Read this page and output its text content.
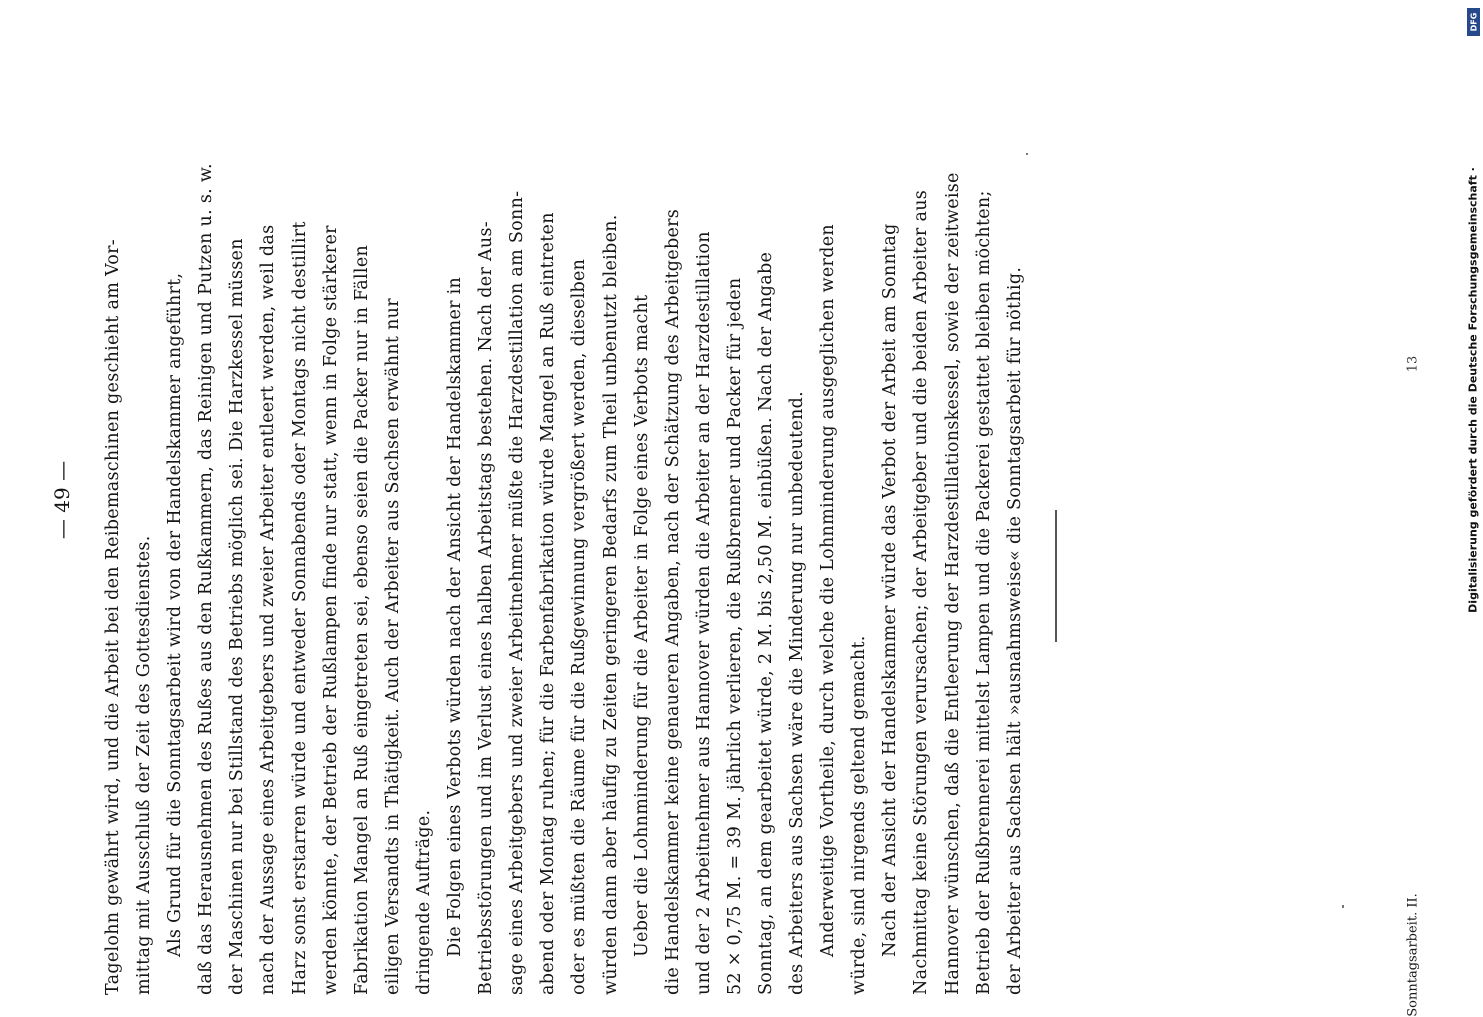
— 49 — Tagelohn gewährt wird, und die Arbeit bei den Reibemaschinen geschieht am Vor- mittag mit Ausschluß der Zeit des Gottesdienstes. Als Grund für die Sonntagsarbeit wird von der Handelskammer angeführt, daß das Herausnehmen des Rußes aus den Rußkammern, das Reinigen und Putzen u. s. w. der Maschinen nur bei Stillstand des Betriebs möglich sei. Die Harzkessel müssen nach der Aussage eines Arbeitgebers und zweier Arbeiter entleert werden, weil das Harz sonst erstarren würde und entweder Sonnabends oder Montags nicht destillirt werden könnte, der Betrieb der Rußlampen finde nur statt, wenn in Folge stärkerer Fabrikation Mangel an Ruß eingetreten sei, ebenso seien die Packer nur in Fällen eiligen Versandts in Thätigkeit. Auch der Arbeiter aus Sachsen erwähnt nur dringende Aufträge. Die Folgen eines Verbots würden nach der Ansicht der Handelskammer in Betriebsstörungen und im Verlust eines halben Arbeitstags bestehen. Nach der Aus- sage eines Arbeitgebers und zweier Arbeitnehmer müßte die Harzdestillation am Sonn- abend oder Montag ruhen; für die Farbenfabrikation würde Mangel an Ruß eintreten oder es müßten die Räume für die Rußgewinnung vergrößert werden, dieselben würden dann aber häufig zu Zeiten geringeren Bedarfs zum Theil unbenutzt bleiben. Ueber die Lohnminderung für die Arbeiter in Folge eines Verbots macht die Handelskammer keine genaueren Angaben, nach der Schätzung des Arbeitgebers und der 2 Arbeitnehmer aus Hannover würden die Arbeiter an der Harzdestillation 52 × 0,75 M. = 39 M. jährlich verlieren, die Rußbrenner und Packer für jeden Sonntag, an dem gearbeitet würde, 2 M. bis 2,50 M. einbüßen. Nach der Angabe des Arbeiters aus Sachsen wäre die Minderung nur unbedeutend. Anderweitige Vortheile, durch welche die Lohnminderung ausgeglichen werden würde, sind nirgends geltend gemacht. Nach der Ansicht der Handelskammer würde das Verbot der Arbeit am Sonntag Nachmittag keine Störungen verursachen; der Arbeitgeber und die beiden Arbeiter aus Hannover wünschen, daß die Entleerung der Harzdestillationskessel, sowie der zeitweise Betrieb der Rußbrennerei mittelst Lampen und die Packerei gestattet bleiben möchten; der Arbeiter aus Sachsen hält »ausnahmsweise« die Sonntagsarbeit für nöthig.	Sonntagsarbeit. II.
13	Digitalisierung gefördert durch die Deutsche Forschungsgemeinschaft ·
DFG
